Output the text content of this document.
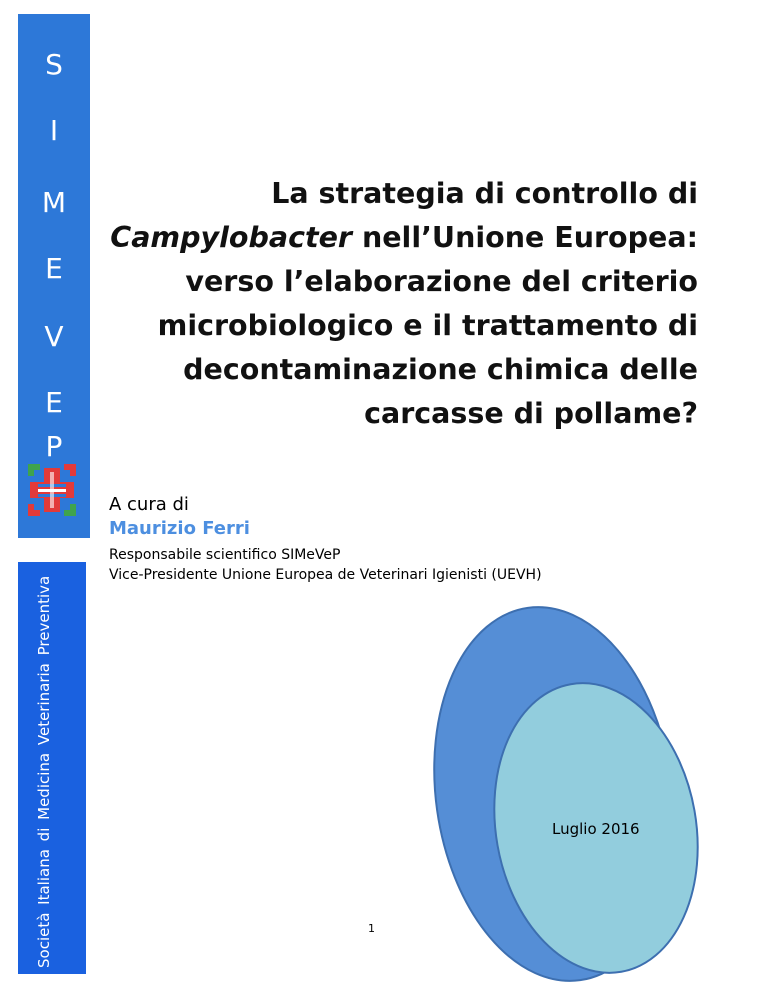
S
I
M
E
V
E
P
Società Italiana di Medicina Veterinaria Preventiva
La strategia di controllo di
Campylobacter nell’Unione Europea:
verso l’elaborazione del criterio
microbiologico e il trattamento di
decontaminazione chimica delle
carcasse di pollame?
A cura di
Maurizio Ferri
Responsabile scientifico SIMeVeP
Vice-Presidente Unione Europea de Veterinari Igienisti (UEVH)
Luglio 2016
1
